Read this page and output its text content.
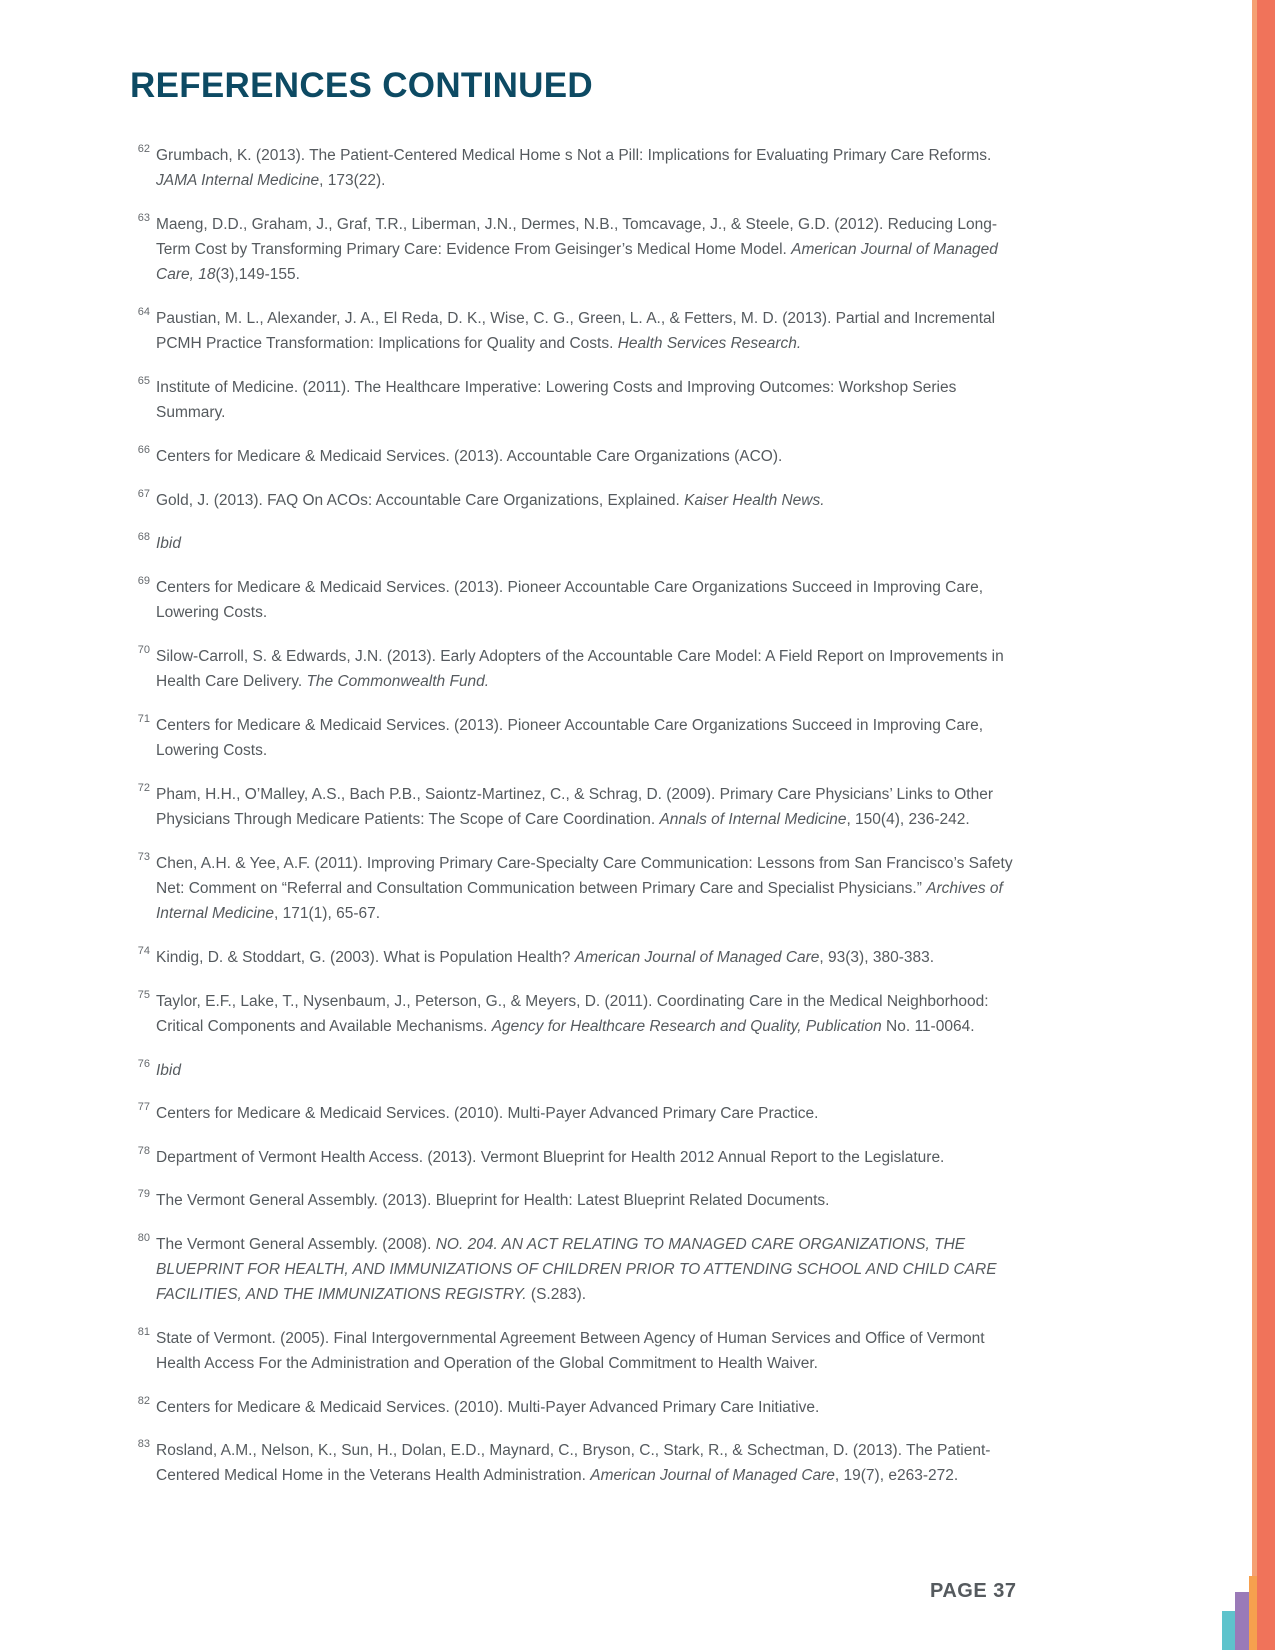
REFERENCES CONTINUED
62 Grumbach, K. (2013). The Patient-Centered Medical Home s Not a Pill: Implications for Evaluating Primary Care Reforms. JAMA Internal Medicine, 173(22).
63 Maeng, D.D., Graham, J., Graf, T.R., Liberman, J.N., Dermes, N.B., Tomcavage, J., & Steele, G.D. (2012). Reducing Long-Term Cost by Transforming Primary Care: Evidence From Geisinger’s Medical Home Model. American Journal of Managed Care, 18(3),149-155.
64 Paustian, M. L., Alexander, J. A., El Reda, D. K., Wise, C. G., Green, L. A., & Fetters, M. D. (2013). Partial and Incremental PCMH Practice Transformation: Implications for Quality and Costs. Health Services Research.
65 Institute of Medicine. (2011). The Healthcare Imperative: Lowering Costs and Improving Outcomes: Workshop Series Summary.
66 Centers for Medicare & Medicaid Services. (2013). Accountable Care Organizations (ACO).
67 Gold, J. (2013). FAQ On ACOs: Accountable Care Organizations, Explained. Kaiser Health News.
68 Ibid
69 Centers for Medicare & Medicaid Services. (2013). Pioneer Accountable Care Organizations Succeed in Improving Care, Lowering Costs.
70 Silow-Carroll, S. & Edwards, J.N. (2013). Early Adopters of the Accountable Care Model: A Field Report on Improvements in Health Care Delivery. The Commonwealth Fund.
71 Centers for Medicare & Medicaid Services. (2013). Pioneer Accountable Care Organizations Succeed in Improving Care, Lowering Costs.
72 Pham, H.H., O’Malley, A.S., Bach P.B., Saiontz-Martinez, C., & Schrag, D. (2009). Primary Care Physicians’ Links to Other Physicians Through Medicare Patients: The Scope of Care Coordination. Annals of Internal Medicine, 150(4), 236-242.
73 Chen, A.H. & Yee, A.F. (2011). Improving Primary Care-Specialty Care Communication: Lessons from San Francisco’s Safety Net: Comment on “Referral and Consultation Communication between Primary Care and Specialist Physicians.” Archives of Internal Medicine, 171(1), 65-67.
74 Kindig, D. & Stoddart, G. (2003). What is Population Health? American Journal of Managed Care, 93(3), 380-383.
75 Taylor, E.F., Lake, T., Nysenbaum, J., Peterson, G., & Meyers, D. (2011). Coordinating Care in the Medical Neighborhood: Critical Components and Available Mechanisms. Agency for Healthcare Research and Quality, Publication No. 11-0064.
76 Ibid
77 Centers for Medicare & Medicaid Services. (2010). Multi-Payer Advanced Primary Care Practice.
78 Department of Vermont Health Access. (2013). Vermont Blueprint for Health 2012 Annual Report to the Legislature.
79 The Vermont General Assembly. (2013). Blueprint for Health: Latest Blueprint Related Documents.
80 The Vermont General Assembly. (2008). NO. 204. AN ACT RELATING TO MANAGED CARE ORGANIZATIONS, THE BLUEPRINT FOR HEALTH, AND IMMUNIZATIONS OF CHILDREN PRIOR TO ATTENDING SCHOOL AND CHILD CARE FACILITIES, AND THE IMMUNIZATIONS REGISTRY. (S.283).
81 State of Vermont. (2005). Final Intergovernmental Agreement Between Agency of Human Services and Office of Vermont Health Access For the Administration and Operation of the Global Commitment to Health Waiver.
82 Centers for Medicare & Medicaid Services. (2010). Multi-Payer Advanced Primary Care Initiative.
83 Rosland, A.M., Nelson, K., Sun, H., Dolan, E.D., Maynard, C., Bryson, C., Stark, R., & Schectman, D. (2013). The Patient-Centered Medical Home in the Veterans Health Administration. American Journal of Managed Care, 19(7), e263-272.
PAGE 37
